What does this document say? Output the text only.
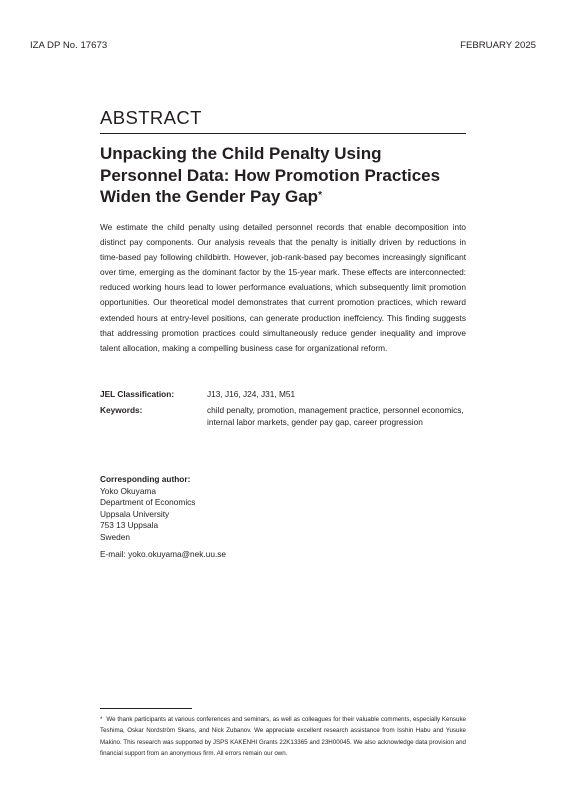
IZA DP No. 17673	FEBRUARY 2025
ABSTRACT
Unpacking the Child Penalty Using
Personnel Data: How Promotion Practices
Widen the Gender Pay Gap*
We estimate the child penalty using detailed personnel records that enable decomposition into distinct pay components. Our analysis reveals that the penalty is initially driven by reductions in time-based pay following childbirth. However, job-rank-based pay becomes increasingly significant over time, emerging as the dominant factor by the 15-year mark. These effects are interconnected: reduced working hours lead to lower performance evaluations, which subsequently limit promotion opportunities. Our theoretical model demonstrates that current promotion practices, which reward extended hours at entry-level positions, can generate production ineffciency. This finding suggests that addressing promotion practices could simultaneously reduce gender inequality and improve talent allocation, making a compelling business case for organizational reform.
JEL Classification:	J13, J16, J24, J31, M51
Keywords:	child penalty, promotion, management practice, personnel economics, internal labor markets, gender pay gap, career progression
Corresponding author:
Yoko Okuyama
Department of Economics
Uppsala University
753 13 Uppsala
Sweden
E-mail: yoko.okuyama@nek.uu.se
* We thank participants at various conferences and seminars, as well as colleagues for their valuable comments, especially Kensuke Teshima, Oskar Nordström Skans, and Nick Zubanov. We appreciate excellent research assistance from Isshin Habu and Yusuke Makino. This research was supported by JSPS KAKENHI Grants 22K13365 and 23H00045. We also acknowledge data provision and financial support from an anonymous firm. All errors remain our own.
